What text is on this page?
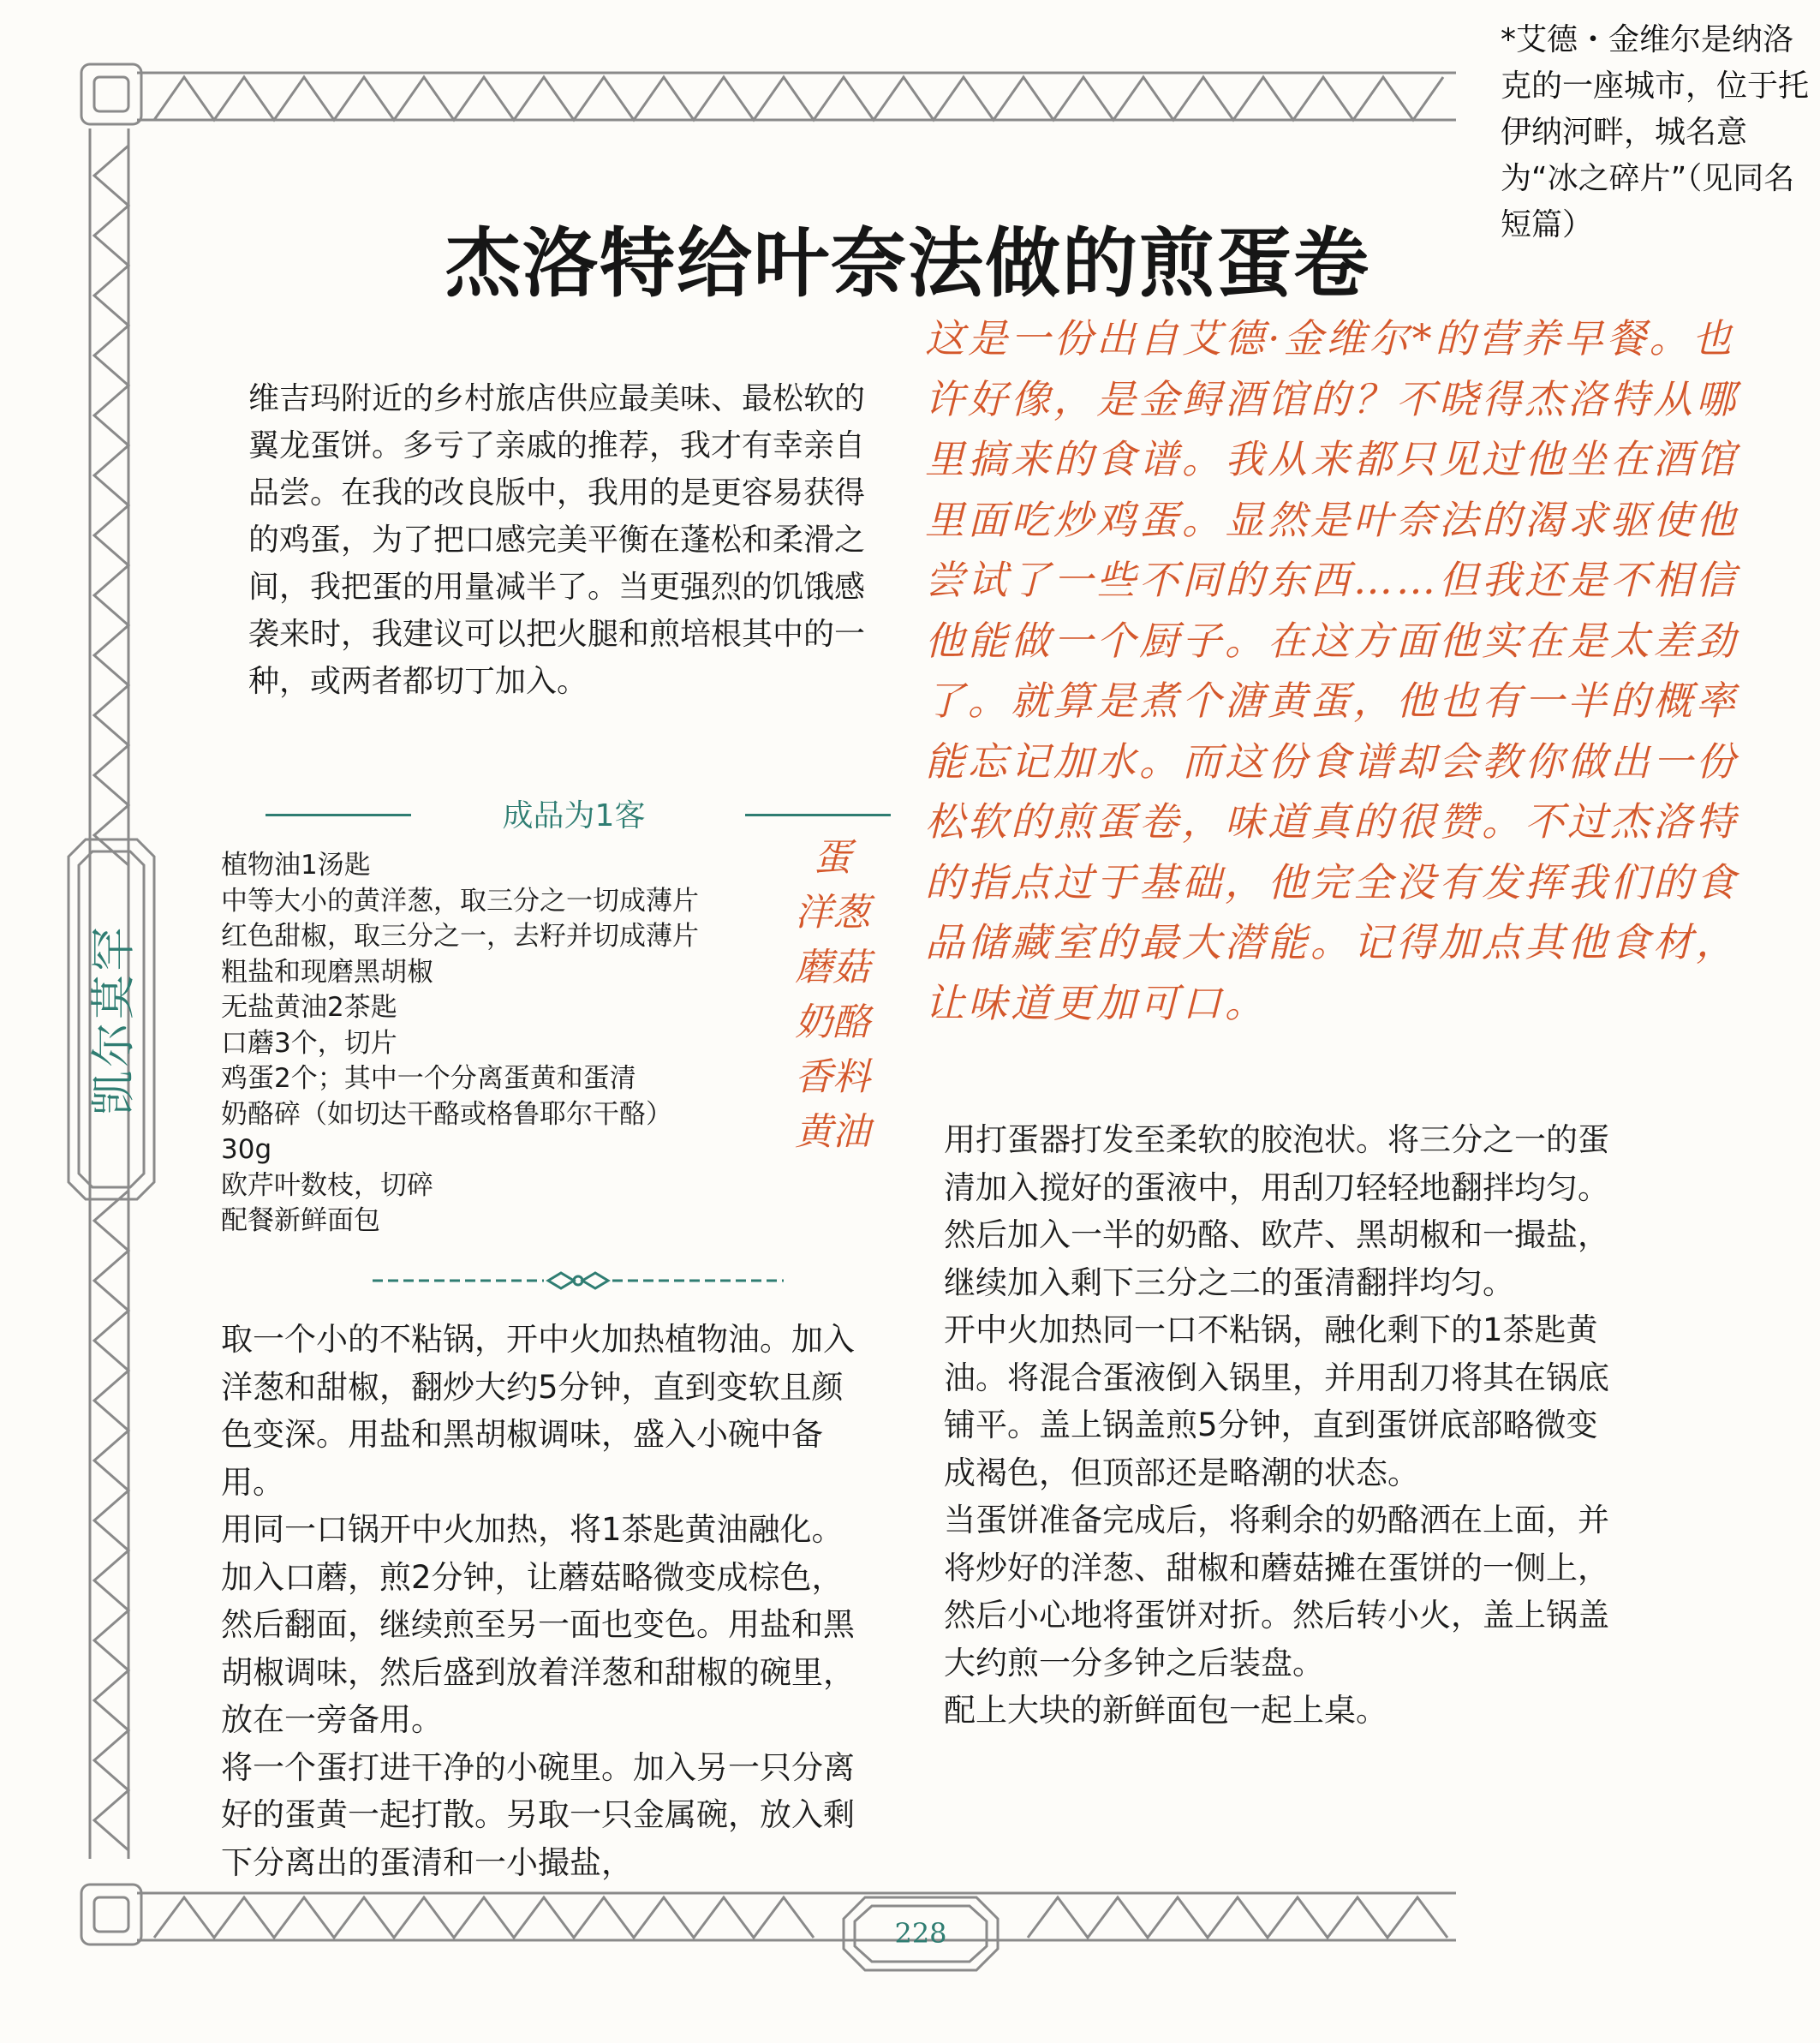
凯尔莫罕
*艾德・金维尔是纳洛克的一座城市，位于托伊纳河畔，城名意为“冰之碎片”（见同名短篇）
杰洛特给叶奈法做的煎蛋卷
维吉玛附近的乡村旅店供应最美味、最松软的翼龙蛋饼。多亏了亲戚的推荐，我才有幸亲自品尝。在我的改良版中，我用的是更容易获得的鸡蛋，为了把口感完美平衡在蓬松和柔滑之间，我把蛋的用量减半了。当更强烈的饥饿感袭来时，我建议可以把火腿和煎培根其中的一种，或两者都切丁加入。
成品为1客
植物油1汤匙
中等大小的黄洋葱，取三分之一切成薄片
红色甜椒，取三分之一，去籽并切成薄片
粗盐和现磨黑胡椒
无盐黄油2茶匙
口蘑3个，切片
鸡蛋2个；其中一个分离蛋黄和蛋清
奶酪碎（如切达干酪或格鲁耶尔干酪）
30g
欧芹叶数枝，切碎
配餐新鲜面包
蛋
洋葱
蘑菇
奶酪
香料
黄油
这是一份出自艾德·金维尔*的营养早餐。也许好像，是金鲟酒馆的？不晓得杰洛特从哪里搞来的食谱。我从来都只见过他坐在酒馆里面吃炒鸡蛋。显然是叶奈法的渴求驱使他尝试了一些不同的东西……但我还是不相信他能做一个厨子。在这方面他实在是太差劲了。就算是煮个溏黄蛋，他也有一半的概率能忘记加水。而这份食谱却会教你做出一份松软的煎蛋卷，味道真的很赞。不过杰洛特的指点过于基础，他完全没有发挥我们的食品储藏室的最大潜能。记得加点其他食材，让味道更加可口。

取一个小的不粘锅，开中火加热植物油。加入洋葱和甜椒，翻炒大约5分钟，直到变软且颜色变深。用盐和黑胡椒调味，盛入小碗中备用。

用同一口锅开中火加热，将1茶匙黄油融化。加入口蘑，煎2分钟，让蘑菇略微变成棕色，然后翻面，继续煎至另一面也变色。用盐和黑胡椒调味，然后盛到放着洋葱和甜椒的碗里，放在一旁备用。

将一个蛋打进干净的小碗里。加入另一只分离好的蛋黄一起打散。另取一只金属碗，放入剩下分离出的蛋清和一小撮盐，

用打蛋器打发至柔软的胶泡状。将三分之一的蛋清加入搅好的蛋液中，用刮刀轻轻地翻拌均匀。然后加入一半的奶酪、欧芹、黑胡椒和一撮盐，继续加入剩下三分之二的蛋清翻拌均匀。

开中火加热同一口不粘锅，融化剩下的1茶匙黄油。将混合蛋液倒入锅里，并用刮刀将其在锅底铺平。盖上锅盖煎5分钟，直到蛋饼底部略微变成褐色，但顶部还是略潮的状态。

当蛋饼准备完成后，将剩余的奶酪洒在上面，并将炒好的洋葱、甜椒和蘑菇摊在蛋饼的一侧上，然后小心地将蛋饼对折。然后转小火，盖上锅盖大约煎一分多钟之后装盘。

配上大块的新鲜面包一起上桌。

228
